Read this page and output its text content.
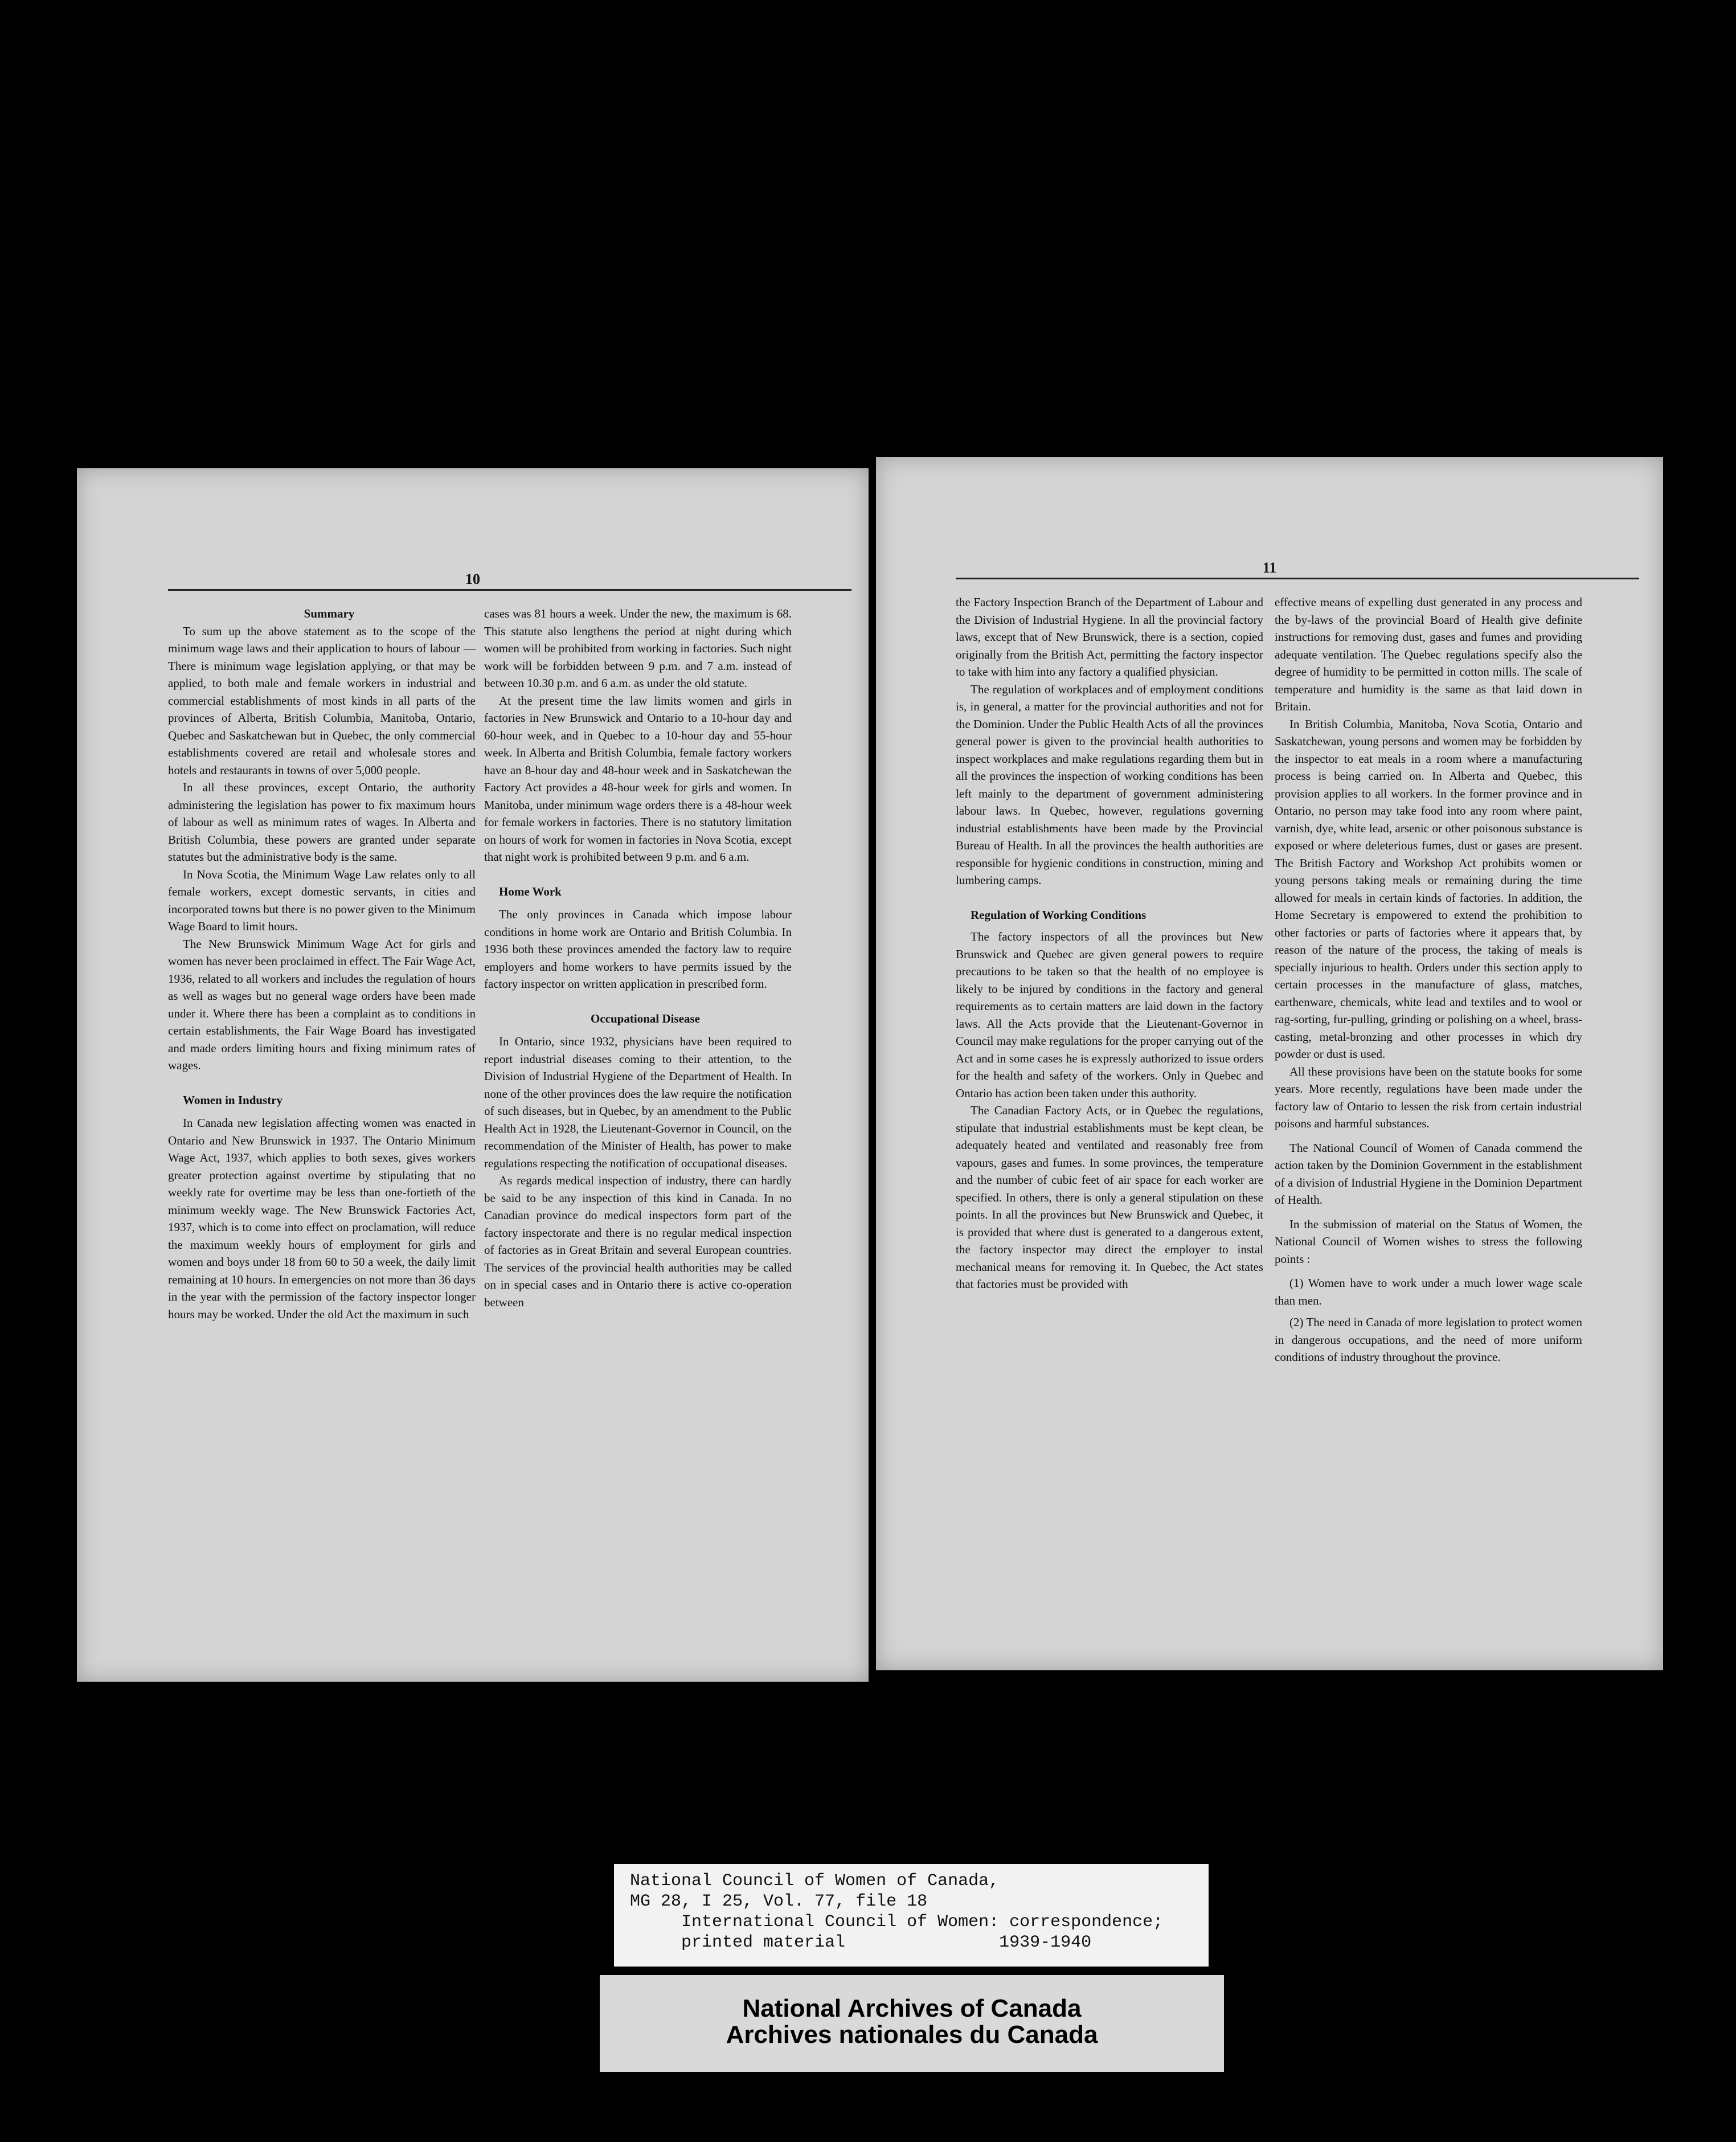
10

Summary

To sum up the above statement as to the scope of the minimum wage laws and their application to hours of labour — There is minimum wage legislation applying, or that may be applied, to both male and female workers in industrial and commercial establishments of most kinds in all parts of the provinces of Alberta, British Columbia, Manitoba, Ontario, Quebec and Saskatchewan but in Quebec, the only commercial establishments covered are retail and wholesale stores and hotels and restaurants in towns of over 5,000 people.

In all these provinces, except Ontario, the authority administering the legislation has power to fix maximum hours of labour as well as minimum rates of wages. In Alberta and British Columbia, these powers are granted under separate statutes but the administrative body is the same.

In Nova Scotia, the Minimum Wage Law relates only to all female workers, except domestic servants, in cities and incorporated towns but there is no power given to the Minimum Wage Board to limit hours.

The New Brunswick Minimum Wage Act for girls and women has never been proclaimed in effect. The Fair Wage Act, 1936, related to all workers and includes the regulation of hours as well as wages but no general wage orders have been made under it. Where there has been a complaint as to conditions in certain establishments, the Fair Wage Board has investigated and made orders limiting hours and fixing minimum rates of wages.

Women in Industry

In Canada new legislation affecting women was enacted in Ontario and New Brunswick in 1937. The Ontario Minimum Wage Act, 1937, which applies to both sexes, gives workers greater protection against overtime by stipulating that no weekly rate for overtime may be less than one-fortieth of the minimum weekly wage. The New Brunswick Factories Act, 1937, which is to come into effect on proclamation, will reduce the maximum weekly hours of employment for girls and women and boys under 18 from 60 to 50 a week, the daily limit remaining at 10 hours. In emergencies on not more than 36 days in the year with the permission of the factory inspector longer hours may be worked. Under the old Act the maximum in such

cases was 81 hours a week. Under the new, the maximum is 68. This statute also lengthens the period at night during which women will be prohibited from working in factories. Such night work will be forbidden between 9 p.m. and 7 a.m. instead of between 10.30 p.m. and 6 a.m. as under the old statute.

At the present time the law limits women and girls in factories in New Brunswick and Ontario to a 10-hour day and 60-hour week, and in Quebec to a 10-hour day and 55-hour week. In Alberta and British Columbia, female factory workers have an 8-hour day and 48-hour week and in Saskatchewan the Factory Act provides a 48-hour week for girls and women. In Manitoba, under minimum wage orders there is a 48-hour week for female workers in factories. There is no statutory limitation on hours of work for women in factories in Nova Scotia, except that night work is prohibited between 9 p.m. and 6 a.m.

Home Work

The only provinces in Canada which impose labour conditions in home work are Ontario and British Columbia. In 1936 both these provinces amended the factory law to require employers and home workers to have permits issued by the factory inspector on written application in prescribed form.

Occupational Disease

In Ontario, since 1932, physicians have been required to report industrial diseases coming to their attention, to the Division of Industrial Hygiene of the Department of Health. In none of the other provinces does the law require the notification of such diseases, but in Quebec, by an amendment to the Public Health Act in 1928, the Lieutenant-Governor in Council, on the recommendation of the Minister of Health, has power to make regulations respecting the notification of occupational diseases.

As regards medical inspection of industry, there can hardly be said to be any inspection of this kind in Canada. In no Canadian province do medical inspectors form part of the factory inspectorate and there is no regular medical inspection of factories as in Great Britain and several European countries. The services of the provincial health authorities may be called on in special cases and in Ontario there is active co-operation between

11

the Factory Inspection Branch of the Department of Labour and the Division of Industrial Hygiene. In all the provincial factory laws, except that of New Brunswick, there is a section, copied originally from the British Act, permitting the factory inspector to take with him into any factory a qualified physician.

The regulation of workplaces and of employment conditions is, in general, a matter for the provincial authorities and not for the Dominion. Under the Public Health Acts of all the provinces general power is given to the provincial health authorities to inspect workplaces and make regulations regarding them but in all the provinces the inspection of working conditions has been left mainly to the department of government administering labour laws. In Quebec, however, regulations governing industrial establishments have been made by the Provincial Bureau of Health. In all the provinces the health authorities are responsible for hygienic conditions in construction, mining and lumbering camps.

Regulation of Working Conditions

The factory inspectors of all the provinces but New Brunswick and Quebec are given general powers to require precautions to be taken so that the health of no employee is likely to be injured by conditions in the factory and general requirements as to certain matters are laid down in the factory laws. All the Acts provide that the Lieutenant-Governor in Council may make regulations for the proper carrying out of the Act and in some cases he is expressly authorized to issue orders for the health and safety of the workers. Only in Quebec and Ontario has action been taken under this authority.

The Canadian Factory Acts, or in Quebec the regulations, stipulate that industrial establishments must be kept clean, be adequately heated and ventilated and reasonably free from vapours, gases and fumes. In some provinces, the temperature and the number of cubic feet of air space for each worker are specified. In others, there is only a general stipulation on these points. In all the provinces but New Brunswick and Quebec, it is provided that where dust is generated to a dangerous extent, the factory inspector may direct the employer to instal mechanical means for removing it. In Quebec, the Act states that factories must be provided with

effective means of expelling dust generated in any process and the by-laws of the provincial Board of Health give definite instructions for removing dust, gases and fumes and providing adequate ventilation. The Quebec regulations specify also the degree of humidity to be permitted in cotton mills. The scale of temperature and humidity is the same as that laid down in Britain.

In British Columbia, Manitoba, Nova Scotia, Ontario and Saskatchewan, young persons and women may be forbidden by the inspector to eat meals in a room where a manufacturing process is being carried on. In Alberta and Quebec, this provision applies to all workers. In the former province and in Ontario, no person may take food into any room where paint, varnish, dye, white lead, arsenic or other poisonous substance is exposed or where deleterious fumes, dust or gases are present. The British Factory and Workshop Act prohibits women or young persons taking meals or remaining during the time allowed for meals in certain kinds of factories. In addition, the Home Secretary is empowered to extend the prohibition to other factories or parts of factories where it appears that, by reason of the nature of the process, the taking of meals is specially injurious to health. Orders under this section apply to certain processes in the manufacture of glass, matches, earthenware, chemicals, white lead and textiles and to wool or rag-sorting, fur-pulling, grinding or polishing on a wheel, brass-casting, metal-bronzing and other processes in which dry powder or dust is used.

All these provisions have been on the statute books for some years. More recently, regulations have been made under the factory law of Ontario to lessen the risk from certain industrial poisons and harmful substances.

The National Council of Women of Canada commend the action taken by the Dominion Government in the establishment of a division of Industrial Hygiene in the Dominion Department of Health.

In the submission of material on the Status of Women, the National Council of Women wishes to stress the following points :

(1) Women have to work under a much lower wage scale than men.

(2) The need in Canada of more legislation to protect women in dangerous occupations, and the need of more uniform conditions of industry throughout the province.

National Council of Women of Canada,
MG 28, I 25, Vol. 77, file 18
International Council of Women: correspondence;
printed material               1939-1940
National Archives of Canada
Archives nationales du Canada
